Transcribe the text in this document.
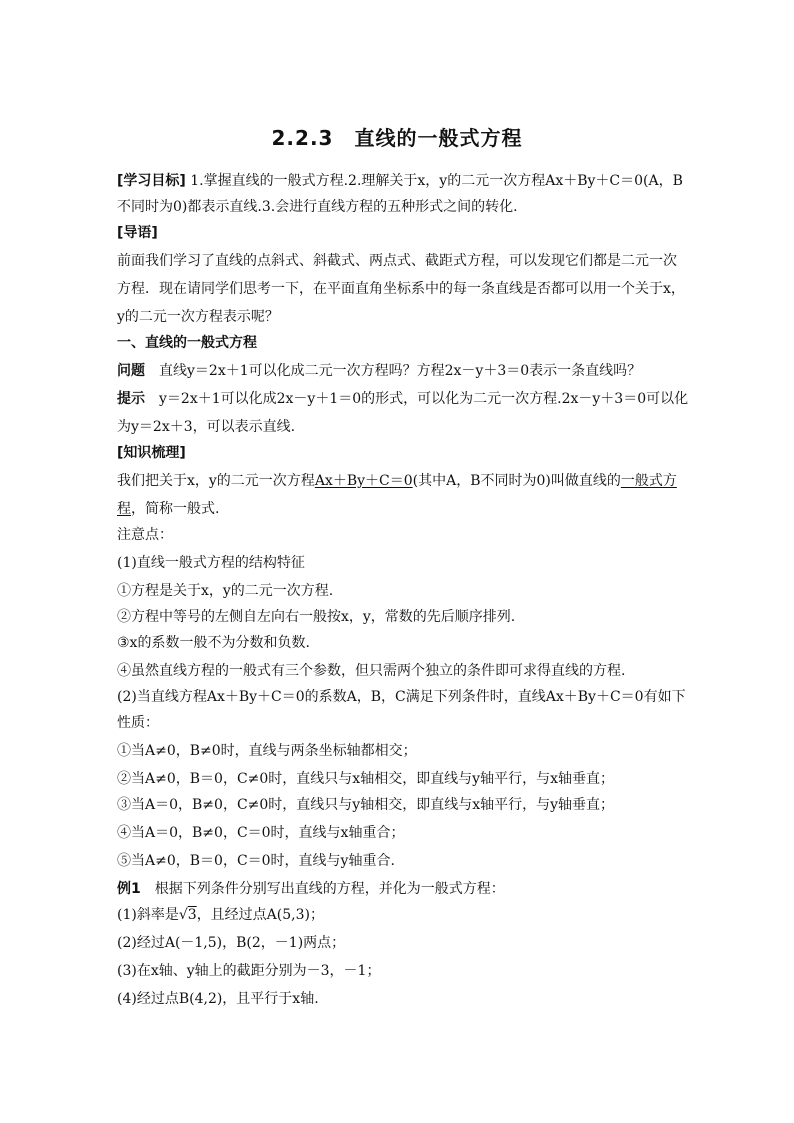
2.2.3　直线的一般式方程
[学习目标] 1.掌握直线的一般式方程.2.理解关于x，y的二元一次方程Ax＋By＋C＝0(A，B
不同时为0)都表示直线.3.会进行直线方程的五种形式之间的转化.
[导语]
前面我们学习了直线的点斜式、斜截式、两点式、截距式方程，可以发现它们都是二元一次
方程．现在请同学们思考一下，在平面直角坐标系中的每一条直线是否都可以用一个关于x，
y的二元一次方程表示呢？
一、直线的一般式方程
问题　直线y＝2x＋1可以化成二元一次方程吗？方程2x－y＋3＝0表示一条直线吗？
提示　y＝2x＋1可以化成2x－y＋1＝0的形式，可以化为二元一次方程.2x－y＋3＝0可以化
为y＝2x＋3，可以表示直线.
[知识梳理]
我们把关于x，y的二元一次方程Ax＋By＋C＝0(其中A，B不同时为0)叫做直线的一般式方
程，简称一般式.
注意点：
(1)直线一般式方程的结构特征
①方程是关于x，y的二元一次方程.
②方程中等号的左侧自左向右一般按x，y，常数的先后顺序排列.
③x的系数一般不为分数和负数.
④虽然直线方程的一般式有三个参数，但只需两个独立的条件即可求得直线的方程.
(2)当直线方程Ax＋By＋C＝0的系数A，B，C满足下列条件时，直线Ax＋By＋C＝0有如下
性质：
①当A≠0，B≠0时，直线与两条坐标轴都相交；
②当A≠0，B＝0，C≠0时，直线只与x轴相交，即直线与y轴平行，与x轴垂直；
③当A＝0，B≠0，C≠0时，直线只与y轴相交，即直线与x轴平行，与y轴垂直；
④当A＝0，B≠0，C＝0时，直线与x轴重合；
⑤当A≠0，B＝0，C＝0时，直线与y轴重合.
例1　根据下列条件分别写出直线的方程，并化为一般式方程：
(1)斜率是√3，且经过点A(5,3)；
(2)经过A(－1,5)，B(2，－1)两点；
(3)在x轴、y轴上的截距分别为－3，－1；
(4)经过点B(4,2)，且平行于x轴.
